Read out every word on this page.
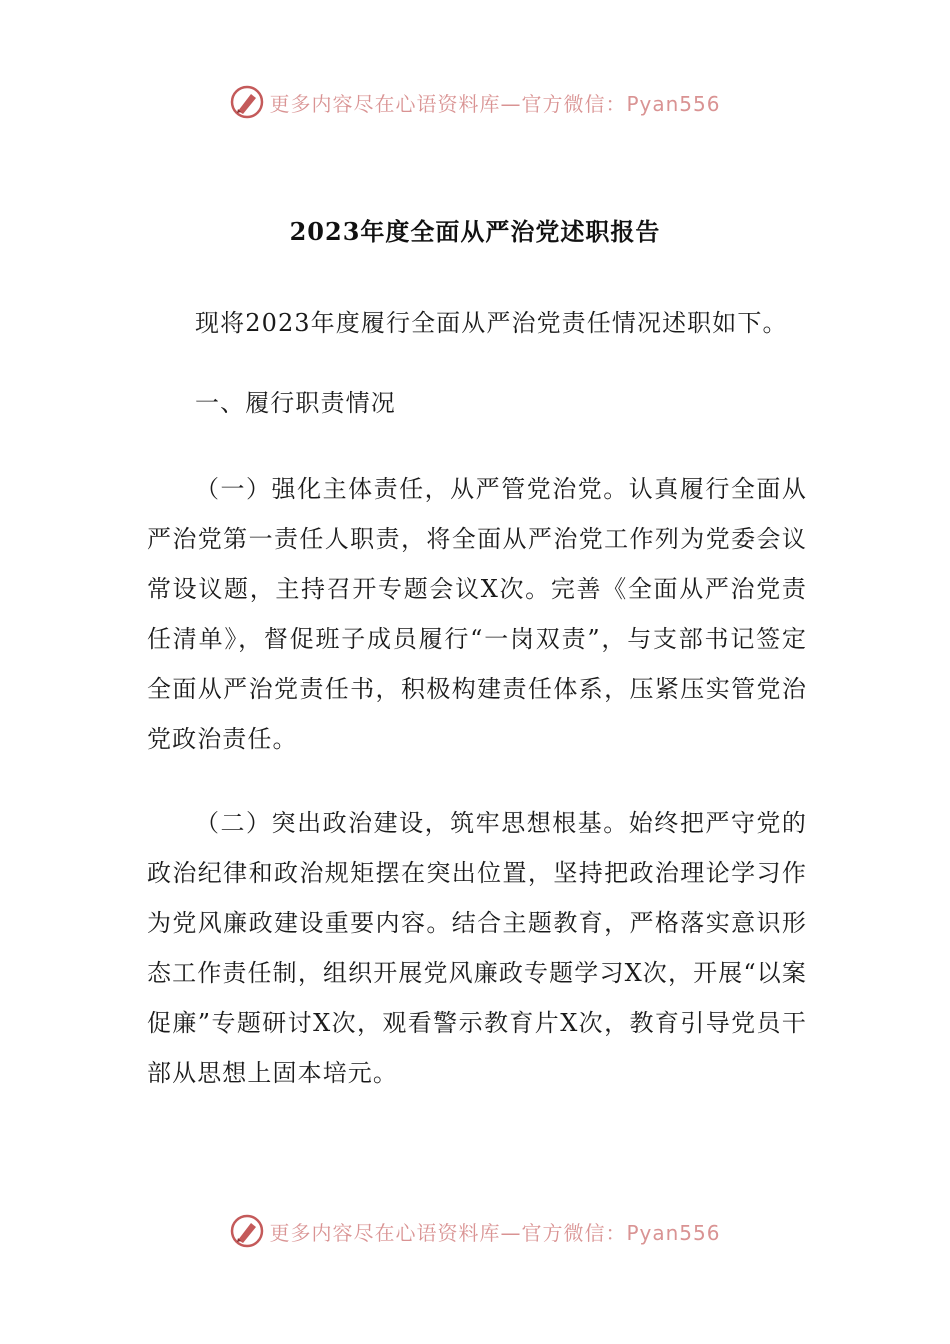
更多内容尽在心语资料库—官方微信：Pyan556
2023年度全面从严治党述职报告

现将2023年度履行全面从严治党责任情况述职如下。

一、履行职责情况

（一）强化主体责任，从严管党治党。认真履行全面从严治党第一责任人职责，将全面从严治党工作列为党委会议常设议题，主持召开专题会议X次。完善《全面从严治党责任清单》，督促班子成员履行“一岗双责”，与支部书记签定全面从严治党责任书，积极构建责任体系，压紧压实管党治党政治责任。

（二）突出政治建设，筑牢思想根基。始终把严守党的政治纪律和政治规矩摆在突出位置，坚持把政治理论学习作为党风廉政建设重要内容。结合主题教育，严格落实意识形态工作责任制，组织开展党风廉政专题学习X次，开展“以案促廉”专题研讨X次，观看警示教育片X次，教育引导党员干部从思想上固本培元。

更多内容尽在心语资料库—官方微信：Pyan556
